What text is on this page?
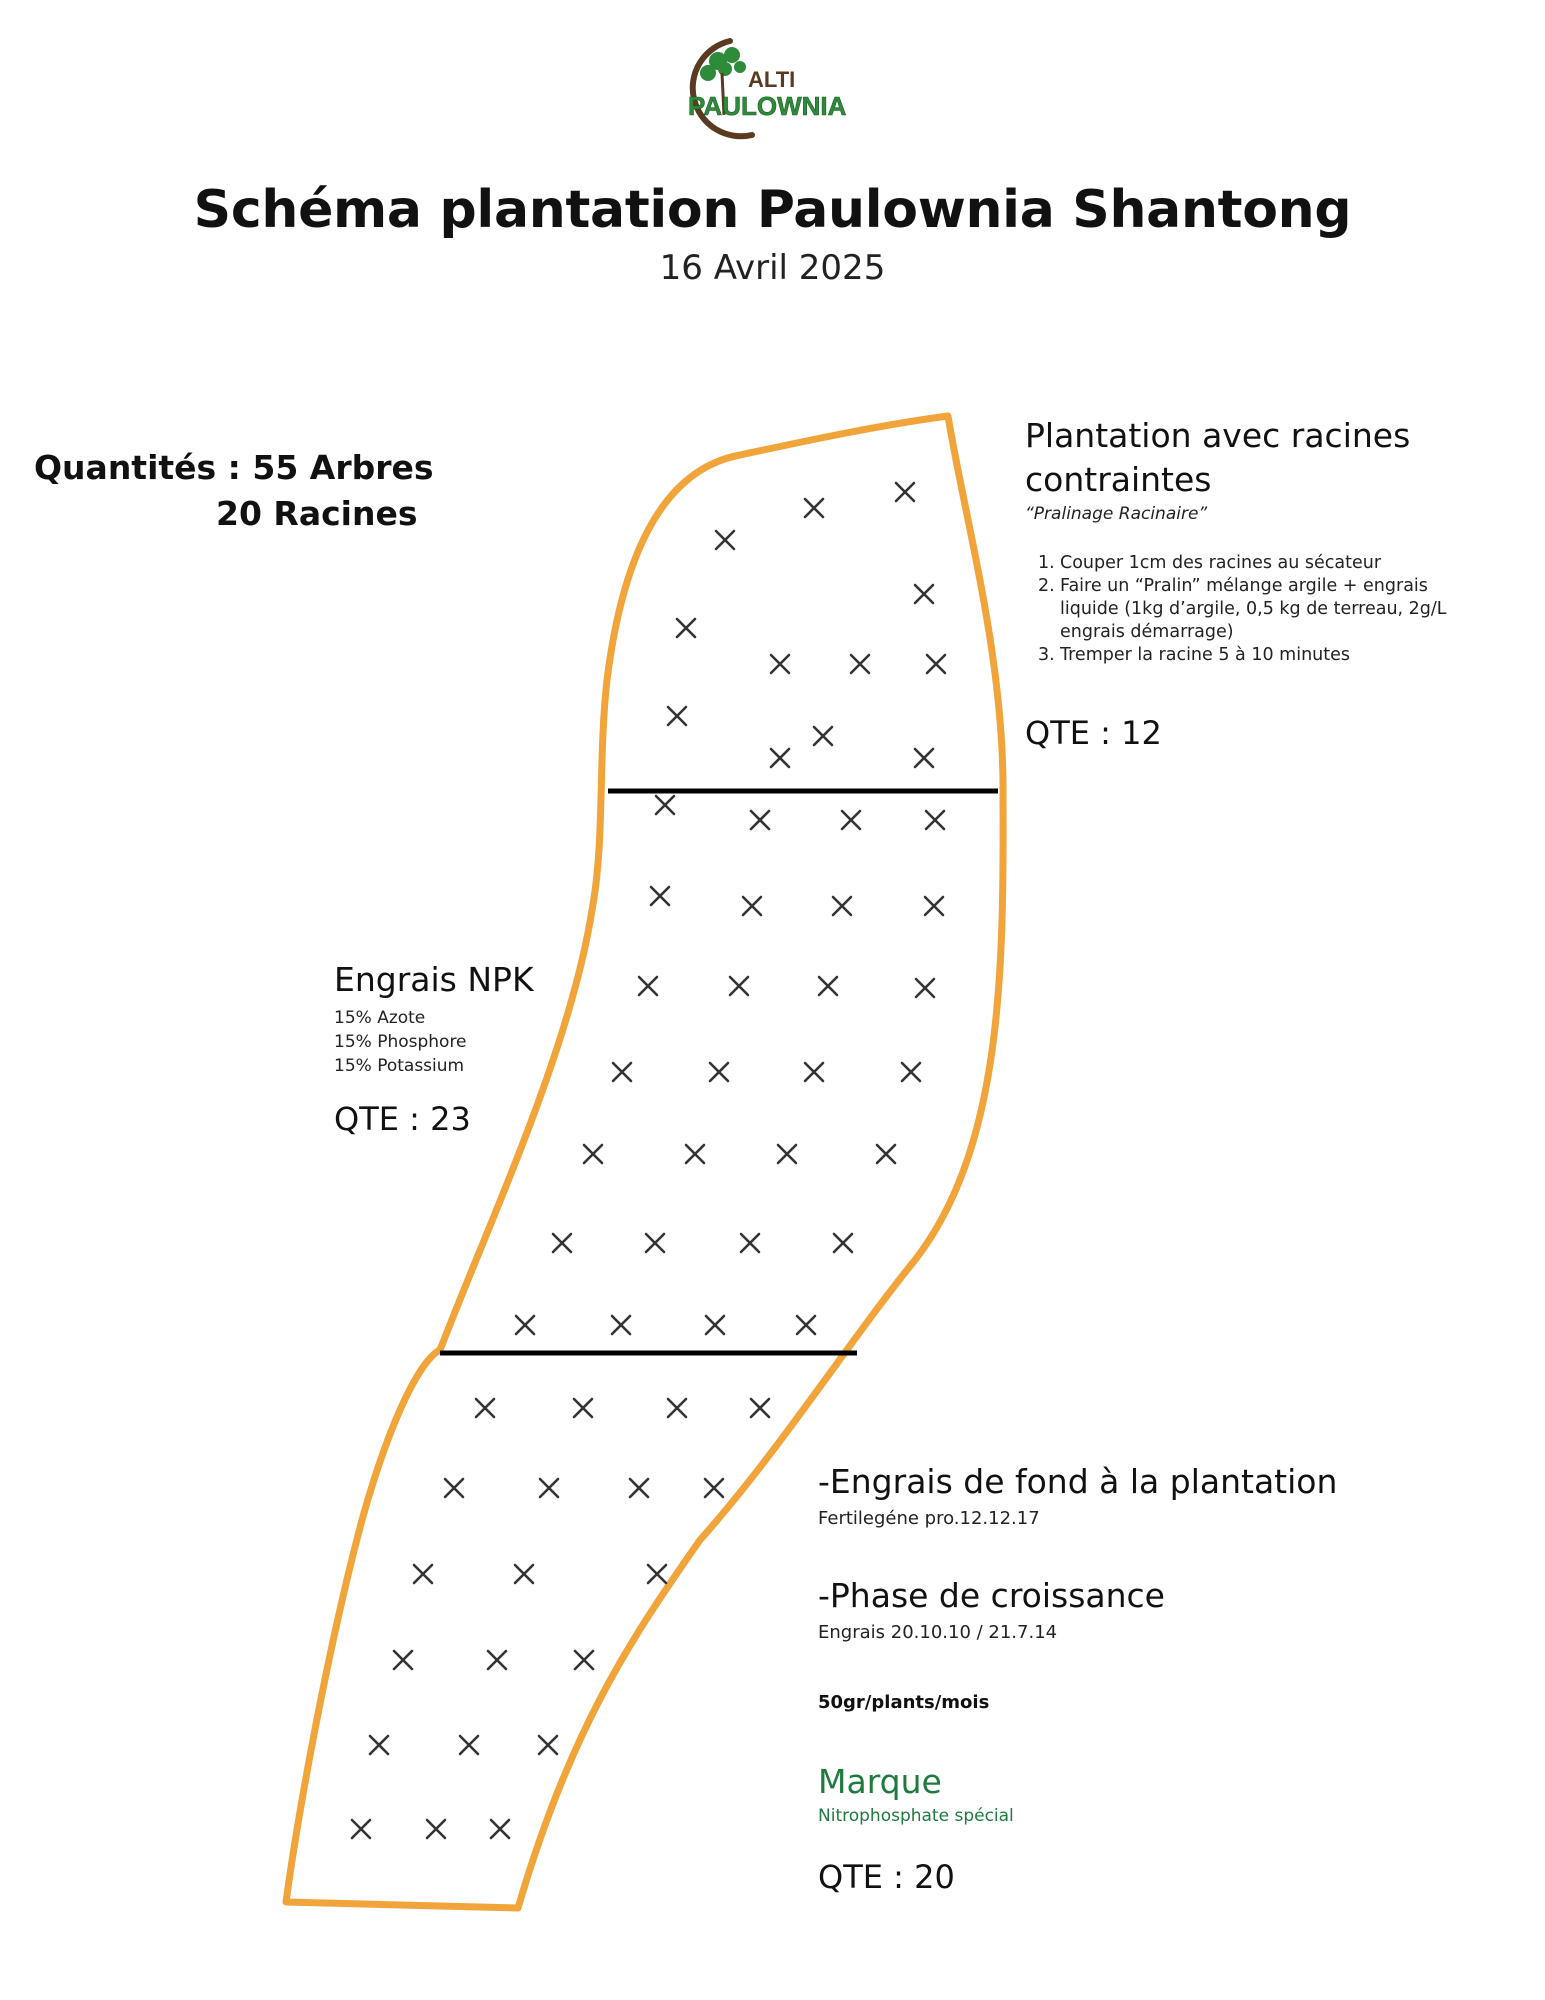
ALTI
PAULOWNIA
Schéma plantation Paulownia Shantong
16 Avril 2025
Quantités : 55 Arbres
20 Racines
Plantation avec racines
contraintes
“Pralinage Racinaire”
1. Couper 1cm des racines au sécateur
2. Faire un “Pralin” mélange argile + engrais liquide (1kg d’argile, 0,5 kg de terreau, 2g/L engrais démarrage)
3. Tremper la racine 5 à 10 minutes
QTE : 12
Engrais NPK
15% Azote
15% Phosphore
15% Potassium
QTE : 23
-Engrais de fond à la plantation
Fertilegéne pro.12.12.17
-Phase de croissance
Engrais 20.10.10 / 21.7.14
50gr/plants/mois
Marque
Nitrophosphate spécial
QTE : 20
